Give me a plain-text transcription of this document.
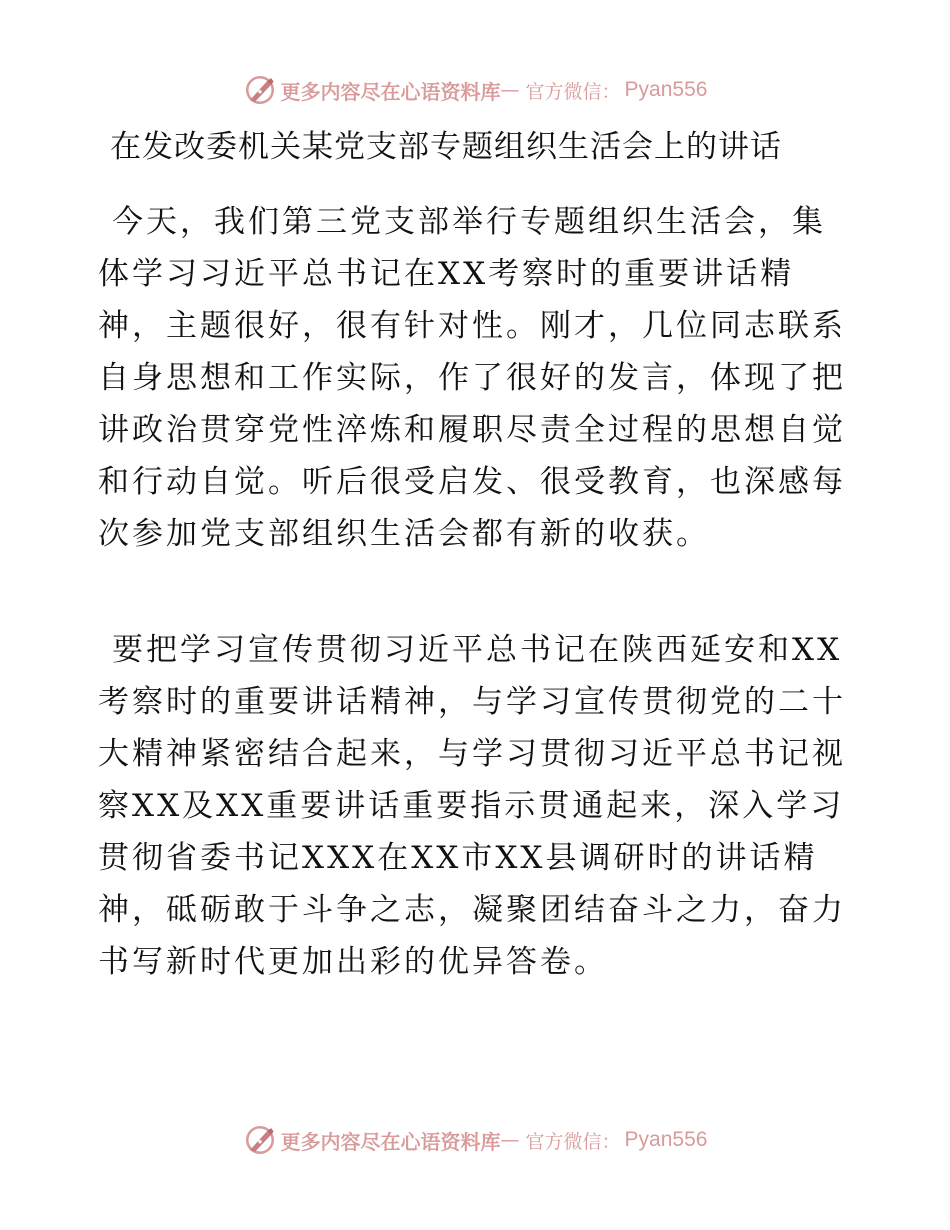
更多内容尽在心语资料库 — 官方微信： Pyan556
在发改委机关某党支部专题组织生活会上的讲话

今天，我们第三党支部举行专题组织生活会，集体学习习近平总书记在XX考察时的重要讲话精神，主题很好，很有针对性。刚才，几位同志联系自身思想和工作实际，作了很好的发言，体现了把讲政治贯穿党性淬炼和履职尽责全过程的思想自觉和行动自觉。听后很受启发、很受教育，也深感每次参加党支部组织生活会都有新的收获。

要把学习宣传贯彻习近平总书记在陕西延安和XX考察时的重要讲话精神，与学习宣传贯彻党的二十大精神紧密结合起来，与学习贯彻习近平总书记视察XX及XX重要讲话重要指示贯通起来，深入学习贯彻省委书记XXX在XX市XX县调研时的讲话精神，砥砺敢于斗争之志，凝聚团结奋斗之力，奋力书写新时代更加出彩的优异答卷。

更多内容尽在心语资料库 — 官方微信： Pyan556
